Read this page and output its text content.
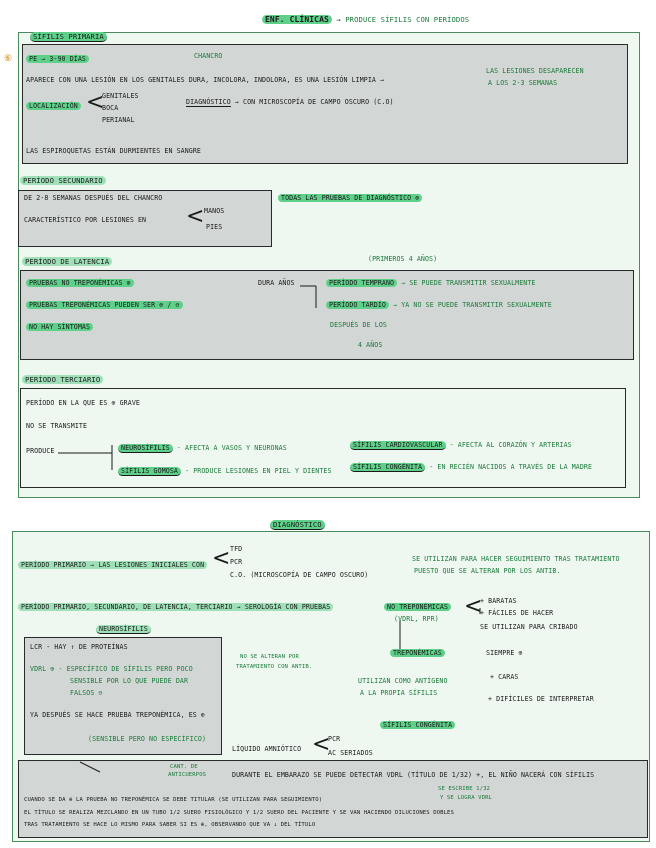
ENF. CLÍNICAS → PRODUCE SÍFILIS CON PERÍODOS
⑥
SÍFILIS PRIMARIA
PE → 3-90 DÍAS	CHANCRO
APARECE CON UNA LESIÓN EN LOS GENITALES DURA, INCOLORA, INDOLORA, ES UNA LESIÓN LIMPIA →
LAS LESIONES DESAPARECEN
A LOS 2-3 SEMANAS
LOCALIZACIÓN <
GENITALES
BOCA
PERIANAL
DIAGNÓSTICO → CON MICROSCOPÍA DE CAMPO OSCURO (C.O)
LAS ESPIROQUETAS ESTÁN DURMIENTES EN SANGRE
PERÍODO SECUNDARIO
DE 2-8 SEMANAS DESPUÉS DEL CHANCRO	TODAS LAS PRUEBAS DE DIAGNÓSTICO ⊕
CARACTERÍSTICO POR LESIONES EN < MANOS
PIES
PERÍODO DE LATENCIA
PRUEBAS NO TREPONÉMICAS ⊕
PRUEBAS TREPONÉMICAS PUEDEN SER ⊕ / ⊖
NO HAY SÍNTOMAS
DURA AÑOS
(PRIMEROS 4 AÑOS)
PERÍODO TEMPRANO → SE PUEDE TRANSMITIR SEXUALMENTE
PERÍODO TARDÍO → YA NO SE PUEDE TRANSMITIR SEXUALMENTE
DESPUÉS DE LOS
4 AÑOS
PERÍODO TERCIARIO
PERÍODO EN LA QUE ES ⊕ GRAVE
NO SE TRANSMITE
PRODUCE	NEUROSÍFILIS - AFECTA A VASOS Y NEURONAS
SÍFILIS GOMOSA - PRODUCE LESIONES EN PIEL Y DIENTES
SÍFILIS CARDIOVASCULAR - AFECTA AL CORAZÓN Y ARTERIAS
SÍFILIS CONGÉNITA - EN RECIÉN NACIDOS A TRAVÉS DE LA MADRE
DIAGNÓSTICO
PERÍODO PRIMARIO → LAS LESIONES INICIALES CON < TFD
PCR
C.O. (MICROSCOPÍA DE CAMPO OSCURO)
SE UTILIZAN PARA HACER SEGUIMIENTO TRAS TRATAMIENTO
PUESTO QUE SE ALTERAN POR LOS ANTIB.
PERÍODO PRIMARIO, SECUNDARIO, DE LATENCIA, TERCIARIO → SEROLOGÍA CON PRUEBAS	NO TREPONÉMICAS
(VDRL, RPR) <
+ BARATAS
+ FÁCILES DE HACER
SE UTILIZAN PARA CRIBADO
TREPONÉMICAS	SIEMPRE ⊕
+ CARAS
+ DIFÍCILES DE INTERPRETAR
NO SE ALTERAN POR
TRATAMIENTO CON ANTIB.
UTILIZAN COMO ANTÍGENO
A LA PROPIA SÍFILIS
NEUROSÍFILIS
LCR - HAY ↑ DE PROTEÍNAS
VDRL ⊕ - ESPECÍFICO DE SÍFILIS PERO POCO
SENSIBLE POR LO QUE PUEDE DAR
FALSOS ⊖
YA DESPUÉS SE HACE PRUEBA TREPONÉMICA, ES ⊕
(SENSIBLE PERO NO ESPECÍFICO)
SÍFILIS CONGÉNITA
LÍQUIDO AMNIÓTICO <
PCR
AC SERIADOS
CANT. DE
ANTICUERPOS	DURANTE EL EMBARAZO SE PUEDE DETECTAR VDRL (TÍTULO DE 1/32) +, EL NIÑO NACERÁ CON SÍFILIS
SE ESCRIBE 1/32
Y SE LOGRA VDRL
CUANDO SE DA ⊕ LA PRUEBA NO TREPONÉMICA SE DEBE TITULAR (SE UTILIZAN PARA SEGUIMIENTO)
EL TÍTULO SE REALIZA MEZCLANDO EN UN TUBO 1/2 SUERO FISIOLÓGICO Y 1/2 SUERO DEL PACIENTE Y SE VAN HACIENDO DILUCIONES DOBLES
TRAS TRATAMIENTO SE HACE LO MISMO PARA SABER SI ES ⊕, OBSERVANDO QUE VA ↓ DEL TÍTULO
